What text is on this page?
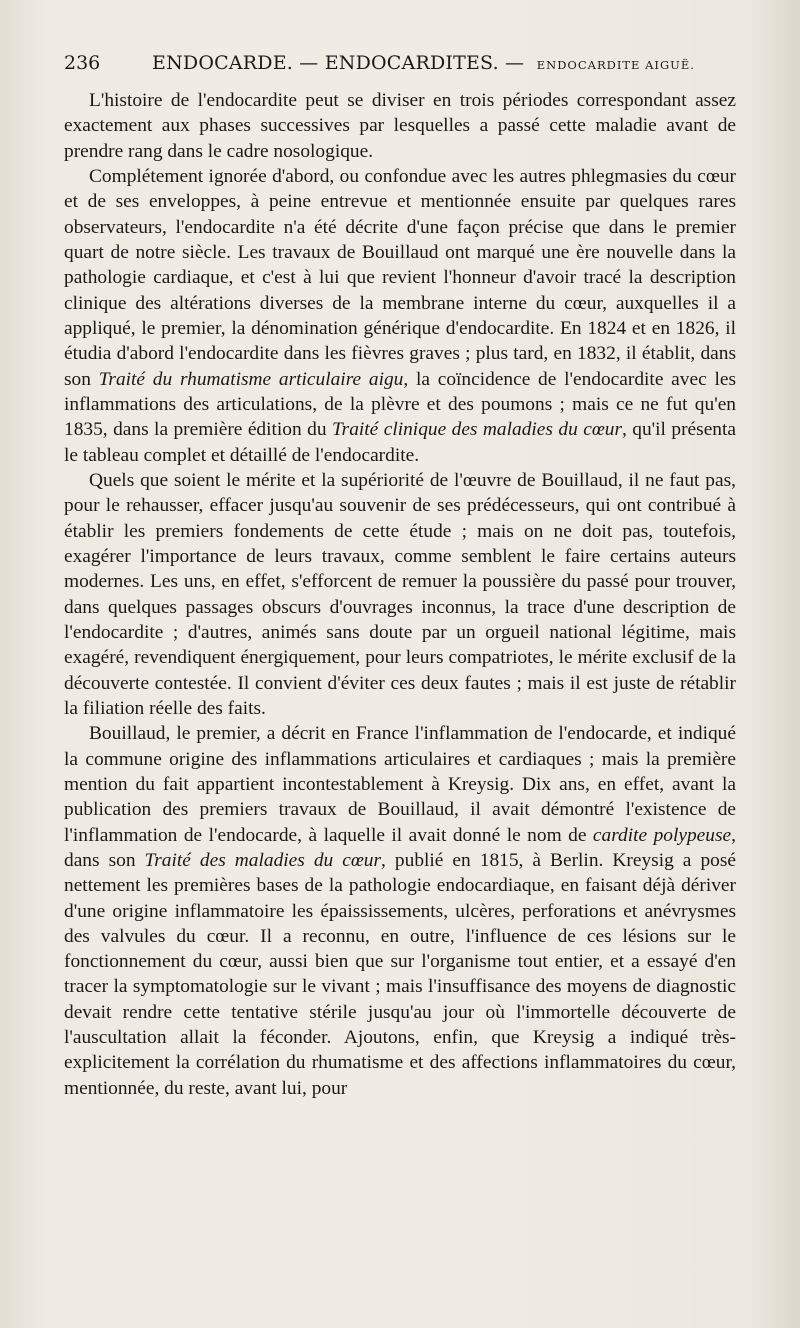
236	ENDOCARDE. — ENDOCARDITES. — ENDOCARDITE AIGUË.

L'histoire de l'endocardite peut se diviser en trois périodes correspondant assez exactement aux phases successives par lesquelles a passé cette maladie avant de prendre rang dans le cadre nosologique.

Complétement ignorée d'abord, ou confondue avec les autres phlegmasies du cœur et de ses enveloppes, à peine entrevue et mentionnée ensuite par quelques rares observateurs, l'endocardite n'a été décrite d'une façon précise que dans le premier quart de notre siècle. Les travaux de Bouillaud ont marqué une ère nouvelle dans la pathologie cardiaque, et c'est à lui que revient l'honneur d'avoir tracé la description clinique des altérations diverses de la membrane interne du cœur, auxquelles il a appliqué, le premier, la dénomination générique d'endocardite. En 1824 et en 1826, il étudia d'abord l'endocardite dans les fièvres graves ; plus tard, en 1832, il établit, dans son Traité du rhumatisme articulaire aigu, la coïncidence de l'endocardite avec les inflammations des articulations, de la plèvre et des poumons ; mais ce ne fut qu'en 1835, dans la première édition du Traité clinique des maladies du cœur, qu'il présenta le tableau complet et détaillé de l'endocardite.

Quels que soient le mérite et la supériorité de l'œuvre de Bouillaud, il ne faut pas, pour le rehausser, effacer jusqu'au souvenir de ses prédécesseurs, qui ont contribué à établir les premiers fondements de cette étude ; mais on ne doit pas, toutefois, exagérer l'importance de leurs travaux, comme semblent le faire certains auteurs modernes. Les uns, en effet, s'efforcent de remuer la poussière du passé pour trouver, dans quelques passages obscurs d'ouvrages inconnus, la trace d'une description de l'endocardite ; d'autres, animés sans doute par un orgueil national légitime, mais exagéré, revendiquent énergiquement, pour leurs compatriotes, le mérite exclusif de la découverte contestée. Il convient d'éviter ces deux fautes ; mais il est juste de rétablir la filiation réelle des faits.

Bouillaud, le premier, a décrit en France l'inflammation de l'endocarde, et indiqué la commune origine des inflammations articulaires et cardiaques ; mais la première mention du fait appartient incontestablement à Kreysig. Dix ans, en effet, avant la publication des premiers travaux de Bouillaud, il avait démontré l'existence de l'inflammation de l'endocarde, à laquelle il avait donné le nom de cardite polypeuse, dans son Traité des maladies du cœur, publié en 1815, à Berlin. Kreysig a posé nettement les premières bases de la pathologie endocardiaque, en faisant déjà dériver d'une origine inflammatoire les épaississements, ulcères, perforations et anévrysmes des valvules du cœur. Il a reconnu, en outre, l'influence de ces lésions sur le fonctionnement du cœur, aussi bien que sur l'organisme tout entier, et a essayé d'en tracer la symptomatologie sur le vivant ; mais l'insuffisance des moyens de diagnostic devait rendre cette tentative stérile jusqu'au jour où l'immortelle découverte de l'auscultation allait la féconder. Ajoutons, enfin, que Kreysig a indiqué très-explicitement la corrélation du rhumatisme et des affections inflammatoires du cœur, mentionnée, du reste, avant lui, pour
